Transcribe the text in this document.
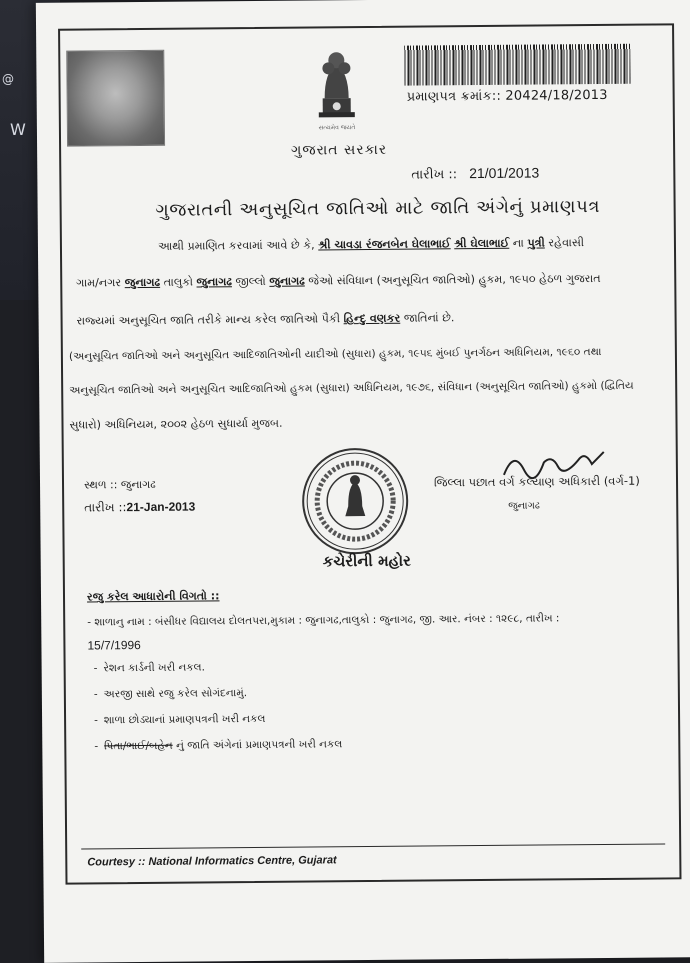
@
W	સત્યમેવ જયતે
પ્રમાણપત્ર ક્રમાંક:: 20424/18/2013
ગુજરાત સરકાર
તારીખ :: 21/01/2013
ગુજરાતની અનુસૂચિત જાતિઓ માટે જાતિ અંગેનું પ્રમાણપત્ર
આથી પ્રમાણિત કરવામાં આવે છે કે, શ્રી ચાવડા રંજનબેન ઘેલાભાઈ શ્રી ઘેલાભાઈ ના પુત્રી રહેવાસી
ગામ/નગર જુનાગઢ તાલુકો જુનાગઢ જીલ્લો જુનાગઢ જેઓ સંવિધાન (અનુસૂચિત જાતિઓ) હુકમ, ૧૯૫૦ હેઠળ ગુજરાત
રાજ્યમાં અનુસૂચિત જાતિ તરીકે માન્ય કરેલ જાતિઓ પૈકી હિન્દુ વણકર જાતિનાં છે.
(અનુસૂચિત જાતિઓ અને અનુસૂચિત આદિજાતિઓની યાદીઓ (સુધારા) હુકમ, ૧૯૫૬ મુંબઈ પુનર્ગઠન અધિનિયમ, ૧૯૬૦ તથા
અનુસૂચિત જાતિઓ અને અનુસૂચિત આદિજાતિઓ હુકમ (સુધારા) અધિનિયમ, ૧૯૭૬, સંવિધાન (અનુસૂચિત જાતિઓ) હુકમો (દ્વિતિય
સુધારો) અધિનિયમ, ૨૦૦૨ હેઠળ સુધાર્યા મુજબ.
સ્થળ :: જુનાગઢ
તારીખ ::21-Jan-2013
કચેરીની મહોર
જિલ્લા પછાત વર્ગ કલ્યાણ અધિકારી (વર્ગ-1)
જુનાગઢ
રજુ કરેલ આધારોની વિગતો ::
- શાળાનુ નામ : બંસીધર વિદ્યાલય દોલતપરા,મુકામ : જુનાગઢ,તાલુકો : જુનાગઢ, જી. આર. નંબર : ૧૨૯૮, તારીખ :
15/7/1996
- રેશન કાર્ડની ખરી નકલ.
- અરજી સાથે રજુ કરેલ સોગંદનામું.
- શાળા છોડ્યાનાં પ્રમાણપત્રની ખરી નકલ
- પિતા/ભાઈ/બહેન નું જાતિ અંગેનાં પ્રમાણપત્રની ખરી નકલ
Courtesy :: National Informatics Centre, Gujarat
